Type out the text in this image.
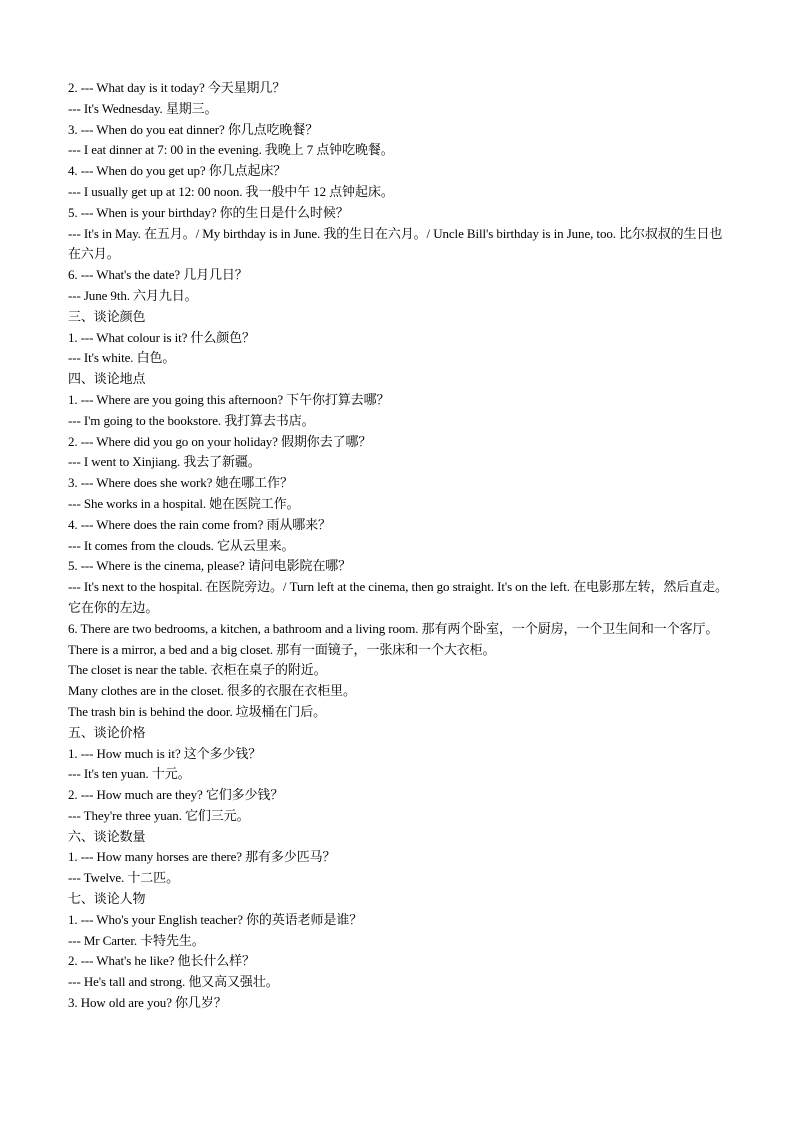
2. --- What day is it today? 今天星期几？
--- It's Wednesday. 星期三。
3. --- When do you eat dinner? 你几点吃晚餐？
--- I eat dinner at 7: 00 in the evening. 我晚上 7 点钟吃晚餐。
4. --- When do you get up? 你几点起床？
--- I usually get up at 12: 00 noon. 我一般中午 12 点钟起床。
5. --- When is your birthday? 你的生日是什么时候？
--- It's in May. 在五月。/ My birthday is in June. 我的生日在六月。/ Uncle Bill's birthday is in June, too. 比尔叔叔的生日也在六月。
6. --- What's the date? 几月几日？
--- June 9th. 六月九日。
三、谈论颜色
1. --- What colour is it? 什么颜色？
--- It's white. 白色。
四、谈论地点
1. --- Where are you going this afternoon? 下午你打算去哪？
--- I'm going to the bookstore. 我打算去书店。
2. --- Where did you go on your holiday? 假期你去了哪？
--- I went to Xinjiang. 我去了新疆。
3. --- Where does she work? 她在哪工作？
--- She works in a hospital. 她在医院工作。
4. --- Where does the rain come from? 雨从哪来？
--- It comes from the clouds. 它从云里来。
5. --- Where is the cinema, please? 请问电影院在哪？
--- It's next to the hospital. 在医院旁边。/ Turn left at the cinema, then go straight. It's on the left. 在电影那左转，然后直走。它在你的左边。
6. There are two bedrooms, a kitchen, a bathroom and a living room. 那有两个卧室，一个厨房，一个卫生间和一个客厅。
There is a mirror, a bed and a big closet. 那有一面镜子，一张床和一个大衣柜。
The closet is near the table. 衣柜在桌子的附近。
Many clothes are in the closet. 很多的衣服在衣柜里。
The trash bin is behind the door. 垃圾桶在门后。
五、谈论价格
1. --- How much is it? 这个多少钱？
--- It's ten yuan. 十元。
2. --- How much are they? 它们多少钱？
--- They're three yuan. 它们三元。
六、谈论数量
1. --- How many horses are there? 那有多少匹马？
--- Twelve. 十二匹。
七、谈论人物
1. --- Who's your English teacher? 你的英语老师是谁？
--- Mr Carter. 卡特先生。
2. --- What's he like? 他长什么样？
--- He's tall and strong. 他又高又强壮。
3. How old are you? 你几岁？
